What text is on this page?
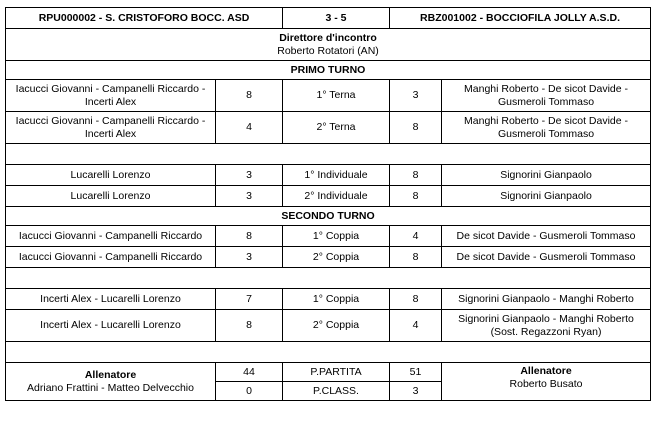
RPU000002 - S. CRISTOFORO BOCC. ASD		3 - 5	RBZ001002 - BOCCIOFILA JOLLY A.S.D.	

Direttore d'incontro
Roberto Rotatori (AN)				

PRIMO TURNO				

Iacucci Giovanni - Campanelli Riccardo -
Incerti Alex	8	1° Terna	3	Manghi Roberto - De sicot Davide -
Gusmeroli Tommaso

Iacucci Giovanni - Campanelli Riccardo -
Incerti Alex	4	2° Terna	8	Manghi Roberto - De sicot Davide -
Gusmeroli Tommaso

Lucarelli Lorenzo	3	1° Individuale	8	Signorini Gianpaolo
Lucarelli Lorenzo	3	2° Individuale	8	Signorini Gianpaolo
SECONDO TURNO				
Iacucci Giovanni - Campanelli Riccardo	8	1° Coppia	4	De sicot Davide - Gusmeroli Tommaso
Iacucci Giovanni - Campanelli Riccardo	3	2° Coppia	8	De sicot Davide - Gusmeroli Tommaso

Incerti Alex - Lucarelli Lorenzo	7	1° Coppia	8	Signorini Gianpaolo - Manghi Roberto
Incerti Alex - Lucarelli Lorenzo	8	2° Coppia	4	Signorini Gianpaolo - Manghi Roberto
(Sost. Regazzoni Ryan)

Allenatore
Adriano Frattini - Matteo Delvecchio	44	P.PARTITA	51	Allenatore
Roberto Busato

	0	P.CLASS.	3	
